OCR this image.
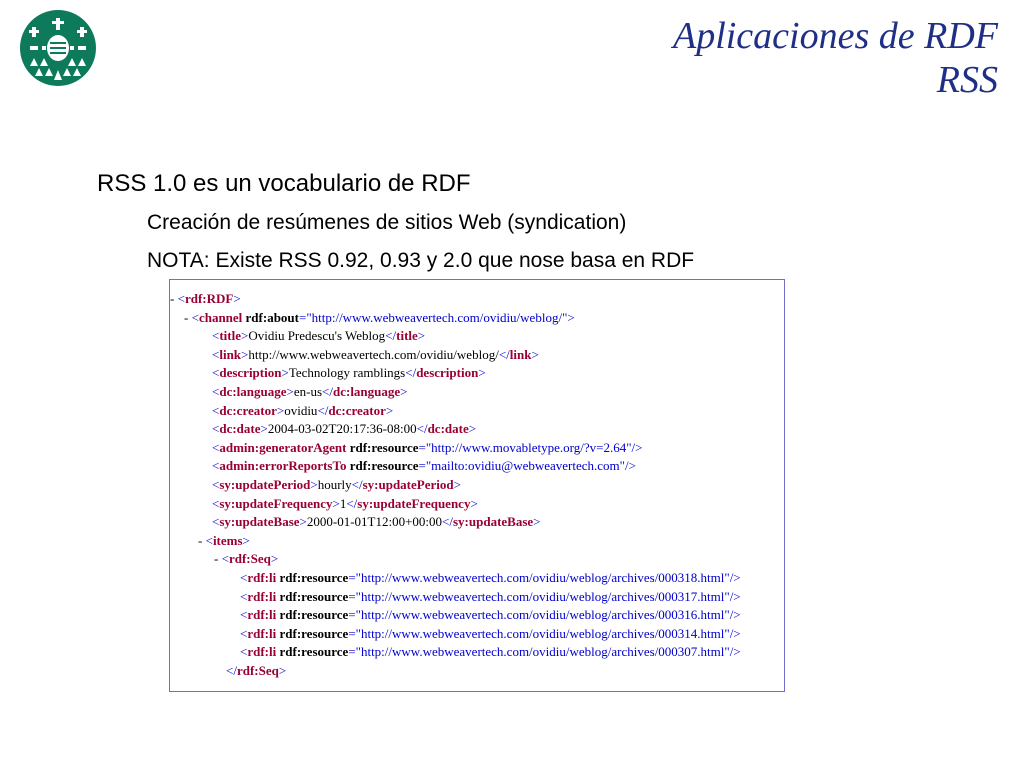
Aplicaciones de RDF
RSS
RSS 1.0 es un vocabulario de RDF
Creación de resúmenes de sitios Web (syndication)
NOTA: Existe RSS 0.92, 0.93 y 2.0 que nose basa en RDF
- <rdf:RDF>
- <channel rdf:about="http://www.webweavertech.com/ovidiu/weblog/">
<title>Ovidiu Predescu's Weblog</title>
<link>http://www.webweavertech.com/ovidiu/weblog/</link>
<description>Technology ramblings</description>
<dc:language>en-us</dc:language>
<dc:creator>ovidiu</dc:creator>
<dc:date>2004-03-02T20:17:36-08:00</dc:date>
<admin:generatorAgent rdf:resource="http://www.movabletype.org/?v=2.64"/>
<admin:errorReportsTo rdf:resource="mailto:ovidiu@webweavertech.com"/>
<sy:updatePeriod>hourly</sy:updatePeriod>
<sy:updateFrequency>1</sy:updateFrequency>
<sy:updateBase>2000-01-01T12:00+00:00</sy:updateBase>
- <items>
- <rdf:Seq>
<rdf:li rdf:resource="http://www.webweavertech.com/ovidiu/weblog/archives/000318.html"/>
<rdf:li rdf:resource="http://www.webweavertech.com/ovidiu/weblog/archives/000317.html"/>
<rdf:li rdf:resource="http://www.webweavertech.com/ovidiu/weblog/archives/000316.html"/>
<rdf:li rdf:resource="http://www.webweavertech.com/ovidiu/weblog/archives/000314.html"/>
<rdf:li rdf:resource="http://www.webweavertech.com/ovidiu/weblog/archives/000307.html"/>
</rdf:Seq>
